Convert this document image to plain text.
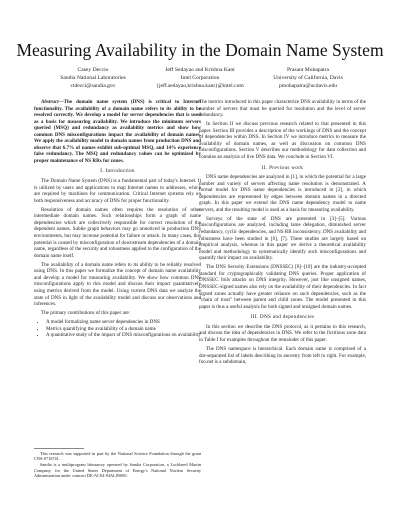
Measuring Availability in the Domain Name System
Casey Deccio
Sandia National Laboratories
ctdecci@sandia.gov
Jeff Sedayao and Krishna Kant
Intel Corporation
{jeff.sedayao,krishna.kant}@intel.com
Prasant Mohapatra
University of California, Davis
pmohapatra@ucdavis.edu

Abstract—The domain name system (DNS) is critical to Internet functionality. The availability of a domain name refers to its ability to be resolved correctly. We develop a model for server dependencies that is used as a basis for measuring availability. We introduce the minimum servers queried (MSQ) and redundancy as availability metrics and show how common DNS misconfigurations impact the availability of domain names. We apply the availability model to domain names from production DNS and observe that 6.7% of names exhibit sub-optimal MSQ, and 14% experience false redundancy. The MSQ and redundancy values can be optimized by proper maintenance of NS RRs for zones.

I. Introduction

The Domain Name System (DNS) is a fundamental part of today's Internet. It is utilized by users and applications to map Internet names to addresses, which are required by machines for communication. Critical Internet systems rely on both responsiveness and accuracy of DNS for proper functionality.

Resolution of domain names often requires the resolution of other intermediate domain names. Such relationships form a graph of name dependencies which are collectively responsible for correct resolution of the dependent names. Subtle graph behaviors may go unnoticed in production DNS environments, but may increase potential for failure or attack. In many cases, this potential is caused by misconfiguration of downstream dependencies of a domain name, regardless of the security and robustness applied to the configuration of the domain name itself.

The availability of a domain name refers to its ability to be reliably resolved using DNS. In this paper we formalize the concept of domain name availability and develop a model for measuring availability. We show how common DNS misconfigurations apply to this model and discuss their impact quantitatively using metrics derived from the model. Using current DNS data we analyze the state of DNS in light of the availability model and discuss our observations and inferences.

The primary contributions of this paper are:

• A model formalizing name server dependencies in DNS
• Metrics quantifying the availability of a domain name
• A quantitative study of the impact of DNS misconfigurations on availability

This research was supported in part by the National Science Foundation through the grant CNS-0716741.

Sandia is a multiprogram laboratory operated by Sandia Corporation, a Lockheed Martin Company, for the United States Department of Energy's National Nuclear Security Administration under contract DE-AC04-94AL85000.

The metrics introduced in this paper characterize DNS availability in terms of the number of servers that must be queried for resolution and the level of server redundancy.

In Section II we discuss previous research related to that presented in this paper. Section III provides a description of the workings of DNS and the concept of dependencies within DNS. In Section IV we introduce metrics to measure the availability of domain names, as well as discussion on common DNS misconfigurations. Section V describes our methodology for data collection and contains an analysis of live DNS data. We conclude in Section VI.

II. Previous work

DNS name dependencies are analyzed in [1], in which the potential for a large number and variety of servers affecting name resolution is demonstrated. A formal model for DNS name dependencies is introduced in [2], in which dependencies are represented by edges between domain names in a directed graph. In this paper we extend the DNS name dependency model to name servers, and the resulting model is used as a basis for measuring availability.

Surveys of the state of DNS are presented in [3]–[5]. Various misconfigurations are analyzed, including lame delegation, diminished server redundancy, cyclic dependencies, and NS RR inconsistency. DNS availability and robustness have been studied in [6], [7]. These studies are largely based on empirical analysis, whereas in this paper we derive a theoretical availability model and methodology to systematically identify such misconfigurations and quantify their impact on availability.

The DNS Security Extensions (DNSSEC) [8]–[10] are the industry-accepted standard for cryptographically validating DNS queries. Proper application of DNSSEC foils attacks on DNS integrity. However, just like unsigned names, DNSSEC-signed names also rely on the availability of their dependencies. In fact signed zones actually have greater reliance on such dependencies, such as the "chain of trust" between parent and child zones. The model presented in this paper is thus a useful analysis for both signed and unsigned domain names.

III. DNS and dependencies

In this section we describe the DNS protocol, as it pertains to this research, and discuss the idea of dependencies in DNS. We refer to the fictitious zone data in Table I for examples throughout the remainder of this paper.

The DNS namespace is hierarchical. Each domain name is comprised of a dot-separated list of labels describing its ancestry from left to right. For example, foo.net is a subdomain,
